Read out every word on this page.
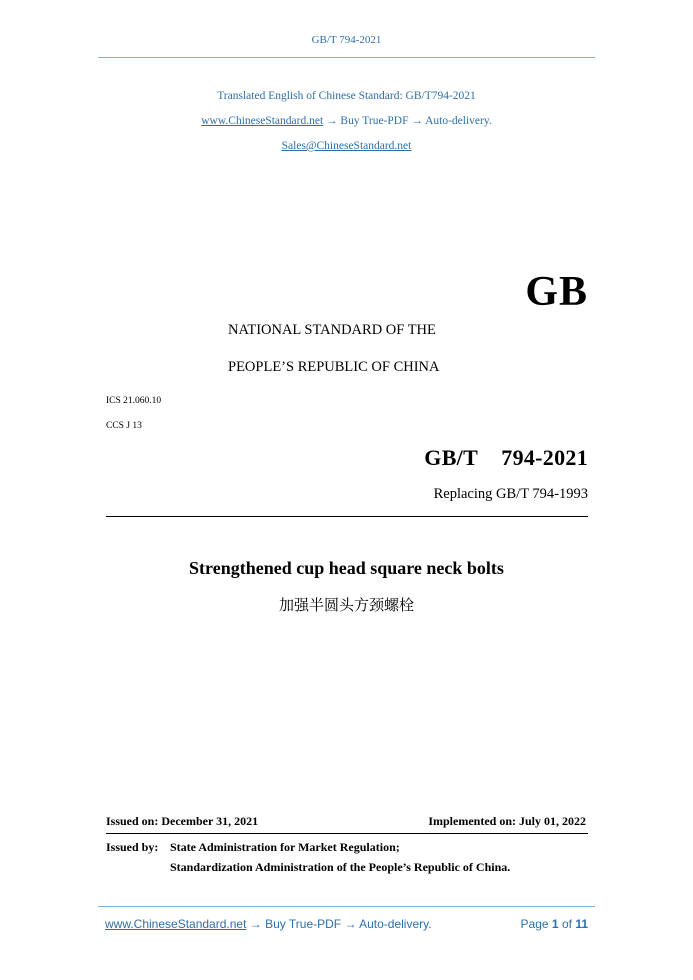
GB/T 794-2021
Translated English of Chinese Standard: GB/T794-2021
www.ChineseStandard.net → Buy True-PDF → Auto-delivery.
Sales@ChineseStandard.net
GB
NATIONAL STANDARD OF THE
PEOPLE’S REPUBLIC OF CHINA
ICS 21.060.10
CCS J 13
GB/T  794-2021
Replacing GB/T 794-1993
Strengthened cup head square neck bolts
加强半圆头方颈螺栓
Issued on: December 31, 2021	Implemented on: July 01, 2022
Issued by: State Administration for Market Regulation;
Standardization Administration of the People’s Republic of China.
www.ChineseStandard.net → Buy True-PDF → Auto-delivery.	Page 1 of 11
